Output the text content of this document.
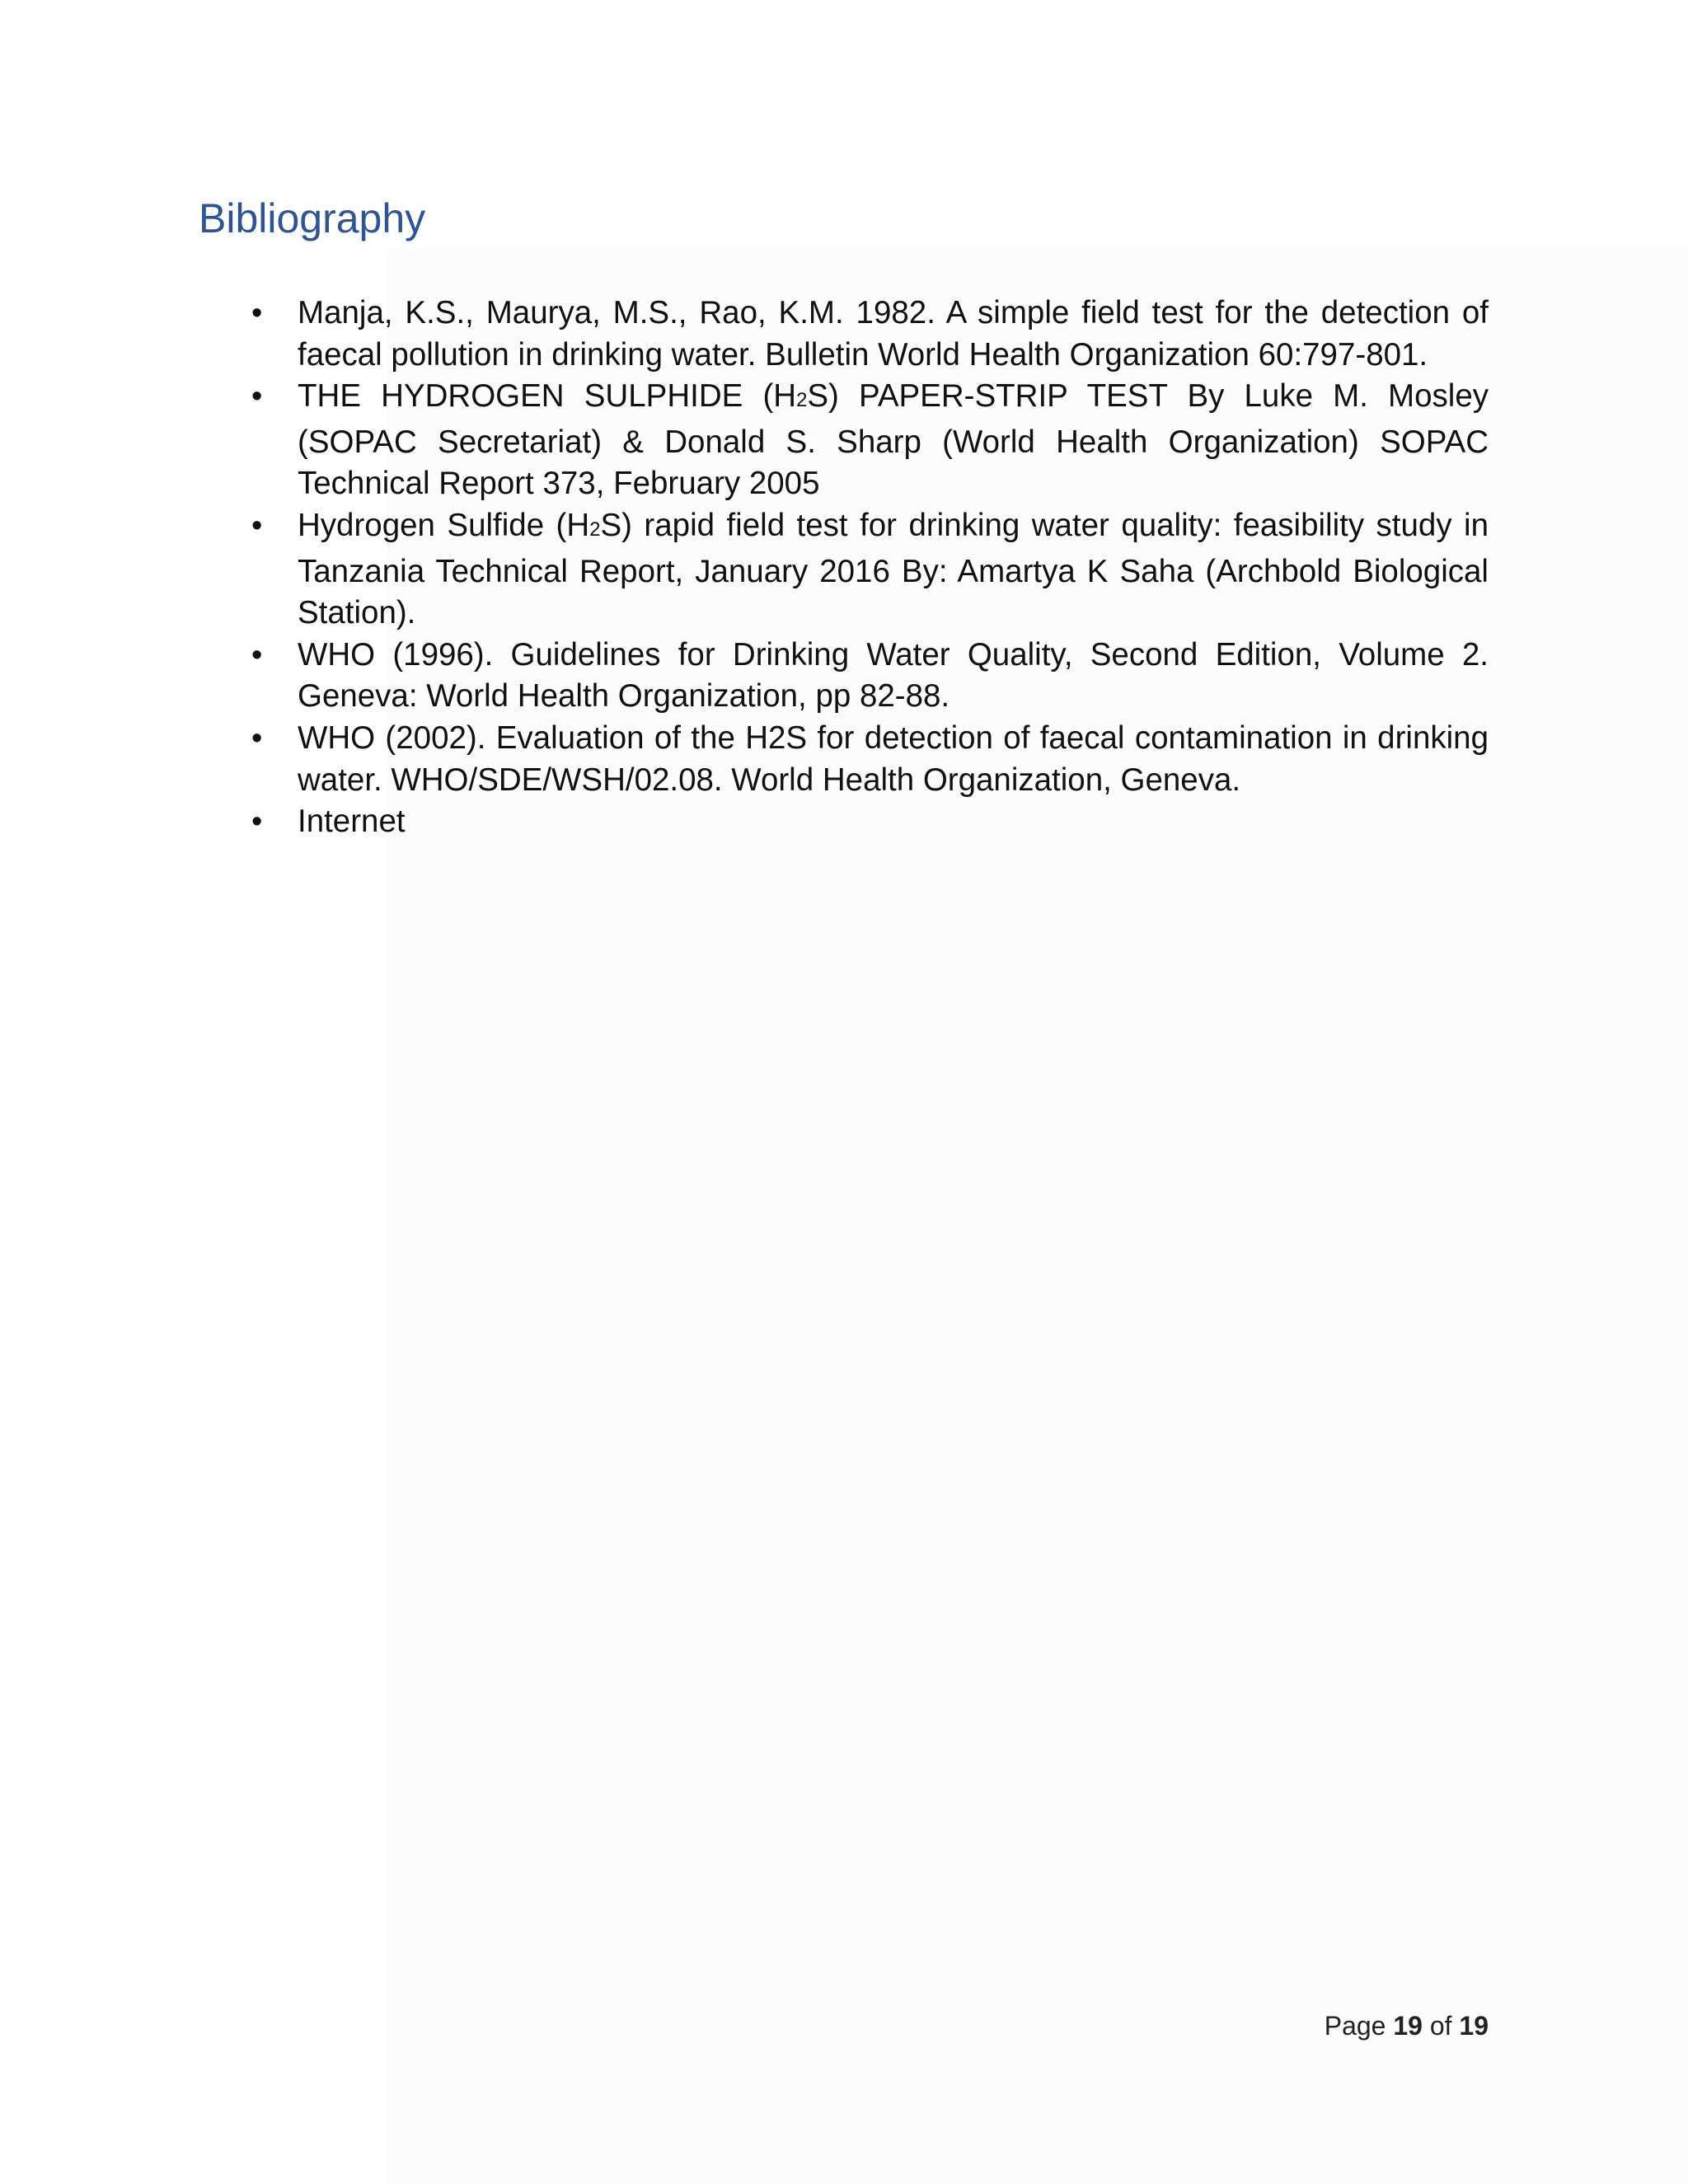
Bibliography
• Manja, K.S., Maurya, M.S., Rao, K.M. 1982. A simple field test for the detection of faecal pollution in drinking water. Bulletin World Health Organization 60:797-801.
• THE HYDROGEN SULPHIDE (H2S) PAPER-STRIP TEST By Luke M. Mosley (SOPAC Secretariat) & Donald S. Sharp (World Health Organization) SOPAC Technical Report 373, February 2005
• Hydrogen Sulfide (H2S) rapid field test for drinking water quality: feasibility study in Tanzania Technical Report, January 2016 By: Amartya K Saha (Archbold Biological Station).
• WHO (1996). Guidelines for Drinking Water Quality, Second Edition, Volume 2. Geneva: World Health Organization, pp 82-88.
• WHO (2002). Evaluation of the H2S for detection of faecal contamination in drinking water. WHO/SDE/WSH/02.08. World Health Organization, Geneva.
• Internet
Page 19 of 19
